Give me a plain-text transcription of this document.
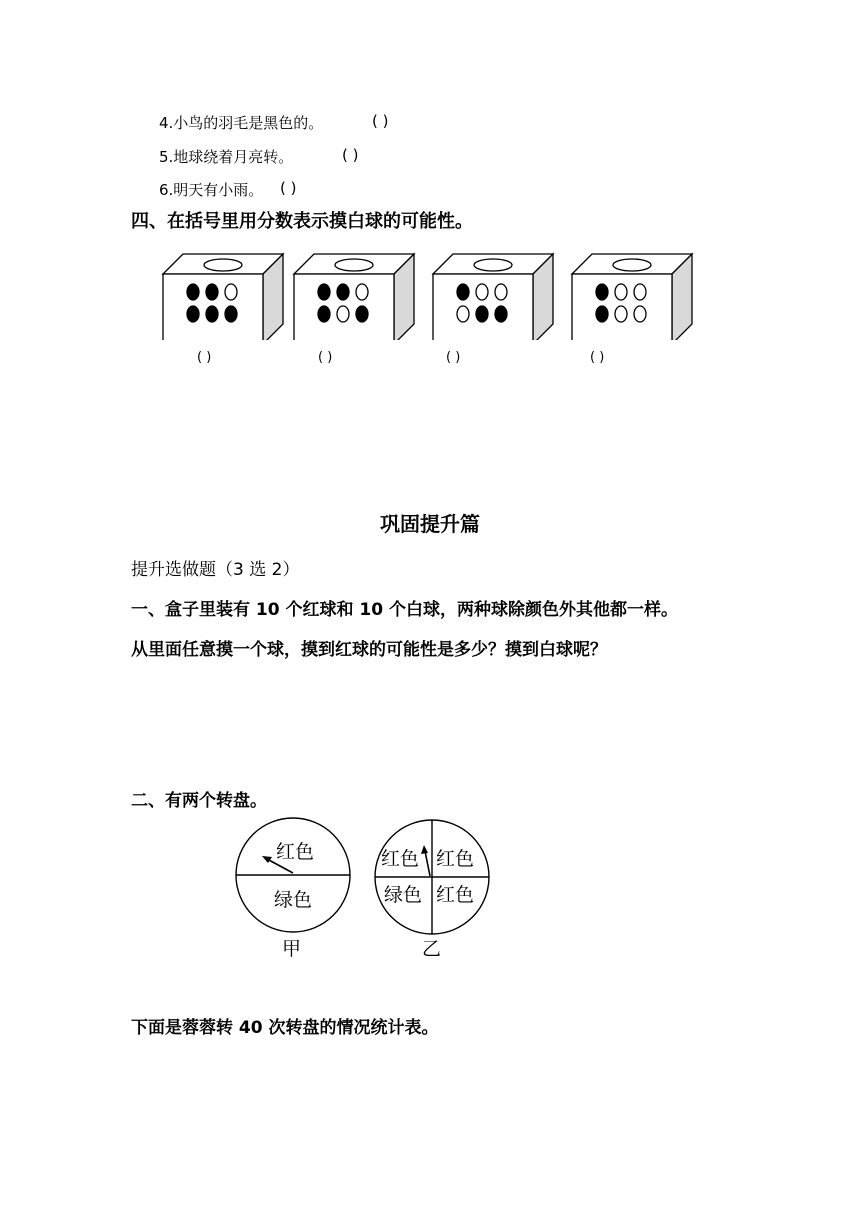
4.小鸟的羽毛是黑色的。	( )
5.地球绕着月亮转。	( )
6.明天有小雨。 ( )
四、在括号里用分数表示摸白球的可能性。
( )	( )	( )	( )
巩固提升篇
提升选做题（3 选 2）
一、盒子里装有 10 个红球和 10 个白球，两种球除颜色外其他都一样。
从里面任意摸一个球，摸到红球的可能性是多少？摸到白球呢？
二、有两个转盘。
红色
绿色
甲
红色 红色
绿色 红色
乙
下面是蓉蓉转 40 次转盘的情况统计表。
